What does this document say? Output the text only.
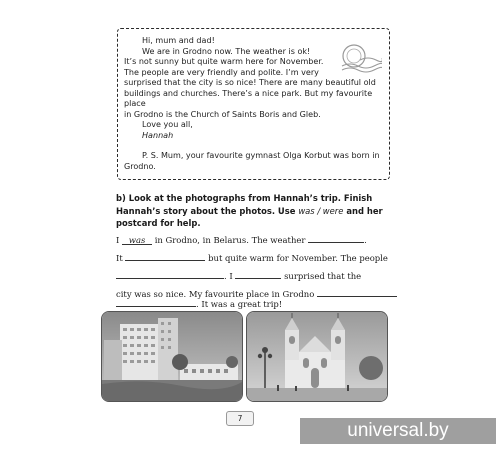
Hi, mum and dad!

We are in Grodno now. The weather is ok!

It’s not sunny but quite warm here for November.

The people are very friendly and polite. I’m very

surprised that the city is so nice! There are many beautiful old

buildings and churches. There’s a nice park. But my favourite place

in Grodno is the Church of Saints Boris and Gleb.

Love you all,

Hannah

P. S. Mum, your favourite gymnast Olga Korbut was born in

Grodno.

b) Look at the photographs from Hannah’s trip. Finish Hannah’s story about the photos. Use was / were and her postcard for help.
I was in Grodno, in Belarus. The weather	.
It	but quite warm for November. The people
. I	surprised that the
city was so nice. My favourite place in Grodno
. It was a great trip!
7
universal.by
